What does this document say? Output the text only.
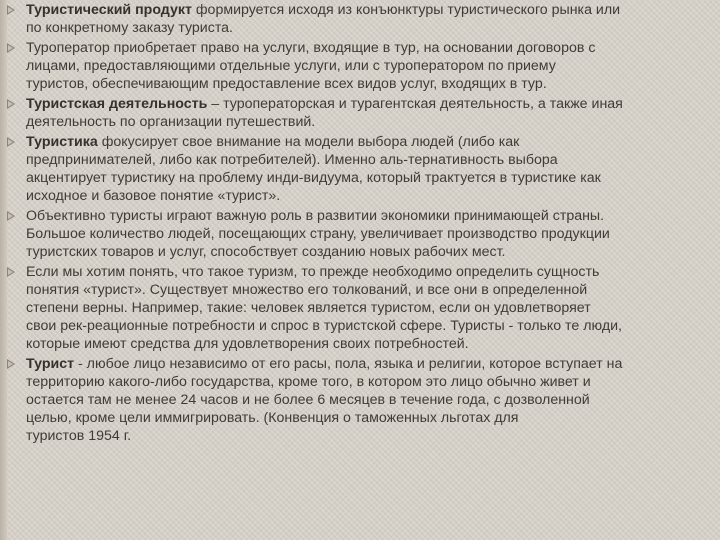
Туристический продукт формируется исходя из конъюнктуры туристического рынка или
по конкретному заказу туриста.
Туроператор приобретает право на услуги, входящие в тур, на основании договоров с
лицами, предоставляющими отдельные услуги, или с туроператором по приему
туристов, обеспечивающим предоставление всех видов услуг, входящих в тур.
Туристская деятельность – туроператорская и турагентская деятельность, а также иная
деятельность по организации путешествий.
Туристика фокусирует свое внимание на модели выбора людей (либо как
предпринимателей, либо как потребителей). Именно аль-тернативность выбора
акцентирует туристику на проблему инди-видуума, который трактуется в туристике как
исходное и базовое понятие «турист».
Объективно туристы играют важную роль в развитии экономики принимающей страны.
Большое количество людей, посещающих страну, увеличивает производство продукции
туристских товаров и услуг, способствует созданию новых рабочих мест.
Если мы хотим понять, что такое туризм, то прежде необходимо определить сущность
понятия «турист». Существует множество его толкований, и все они в определенной
степени верны. Например, такие: человек является туристом, если он удовлетворяет
свои рек-реационные потребности и спрос в туристской сфере. Туристы - только те люди,
которые имеют средства для удовлетворения своих потребностей.
Турист - любое лицо независимо от его расы, пола, языка и религии, которое вступает на
территорию какого-либо государства, кроме того, в котором это лицо обычно живет и
остается там не менее 24 часов и не более 6 месяцев в течение года, с дозволенной
целью, кроме цели иммигрировать. (Конвенция о таможенных льготах для
туристов 1954 г.
